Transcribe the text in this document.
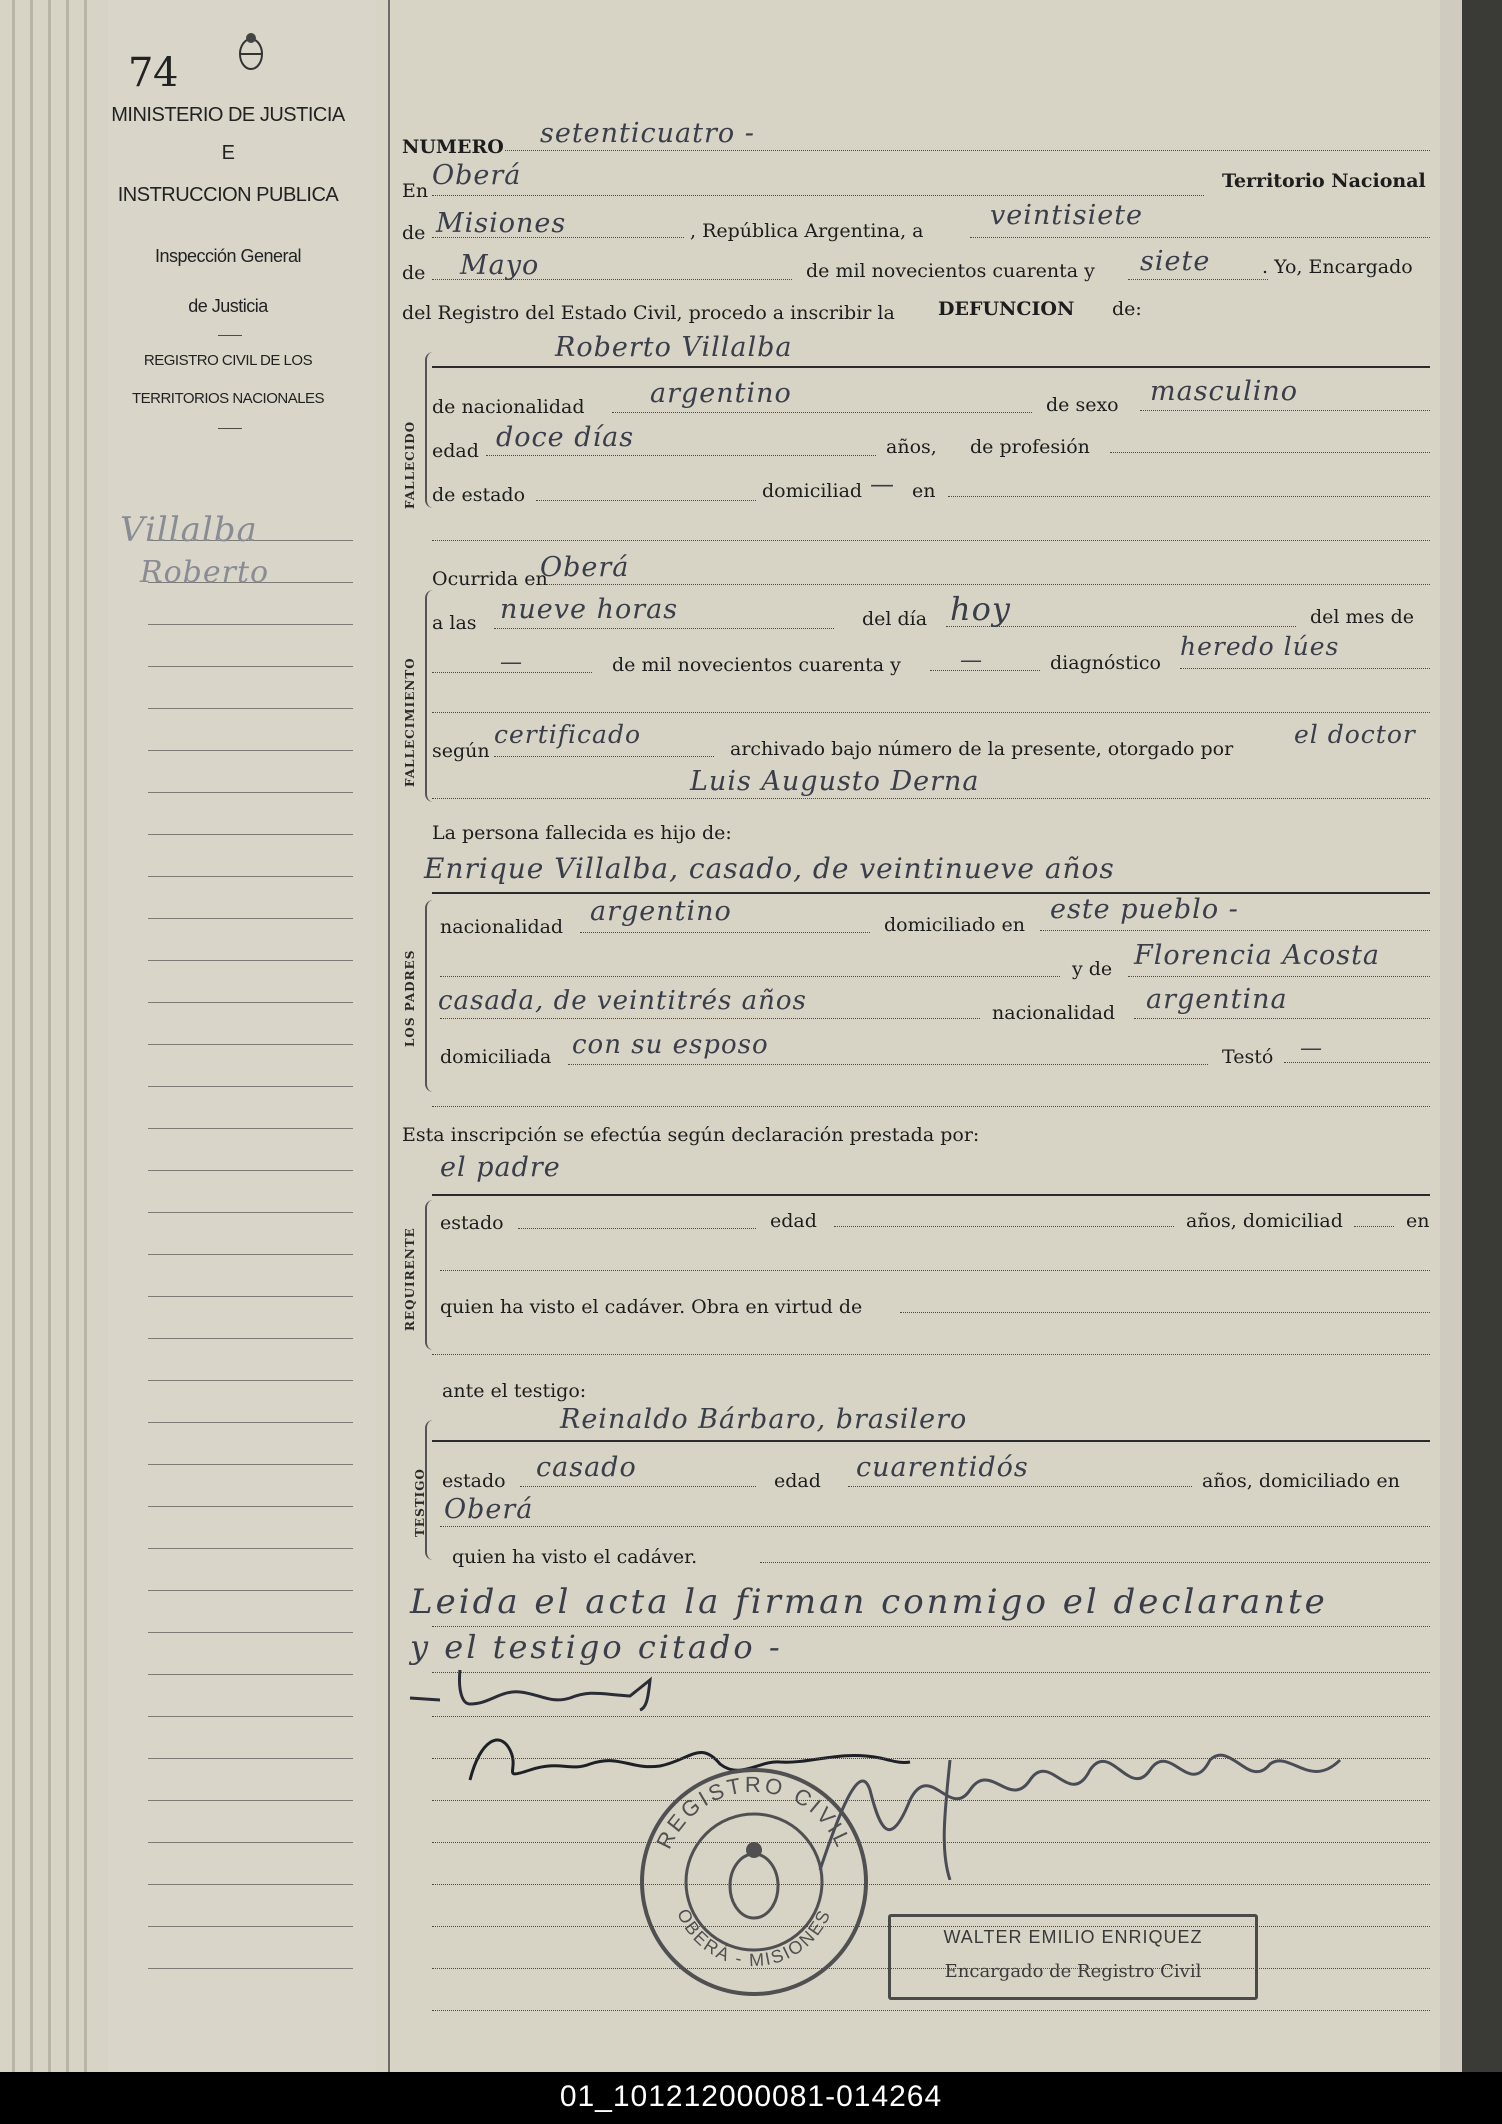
74
MINISTERIO DE JUSTICIA
E
INSTRUCCION PUBLICA
Inspección General
de Justicia
REGISTRO CIVIL DE LOS
TERRITORIOS NACIONALES
Villalba
Roberto
NUMERO setenticuatro -
En Oberá	Territorio Nacional
de Misiones	, República Argentina, a veintisiete
de Mayo	de mil novecientos cuarenta y siete	. Yo, Encargado
del Registro del Estado Civil, procedo a inscribir la DEFUNCION de:
FALLECIDO
Roberto Villalba
de nacionalidad argentino	de sexo masculino
edad doce días	años, de profesión
de estado	domiciliad — en
FALLECIMIENTO
Ocurrida en
Oberá
a las nueve horas	del día hoy	del mes de
—	de mil novecientos cuarenta y	—	diagnóstico
heredo lúes
según
certificado	archivado bajo número de la presente, otorgado por el doctor
Luis Augusto Derna
La persona fallecida es hijo de:
Enrique Villalba, casado, de veintinueve años
LOS PADRES
nacionalidad argentino	domiciliado en este pueblo -
y de Florencia Acosta
casada, de veintitrés años	nacionalidad argentina
domiciliada con su esposo	Testó —
Esta inscripción se efectúa según declaración prestada por:
el padre
REQUIRENTE
estado	edad	años, domiciliad	en
quien ha visto el cadáver. Obra en virtud de
ante el testigo:
Reinaldo Bárbaro, brasilero
TESTIGO estado casado	edad cuarentidós	años, domiciliado en
Oberá
quien ha visto el cadáver.
Leida el acta la firman conmigo el declarante
y el testigo citado -
REGISTRO CIVIL
OBERÁ - MISIONES
WALTER EMILIO ENRIQUEZ
Encargado de Registro Civil
01_101212000081-014264
